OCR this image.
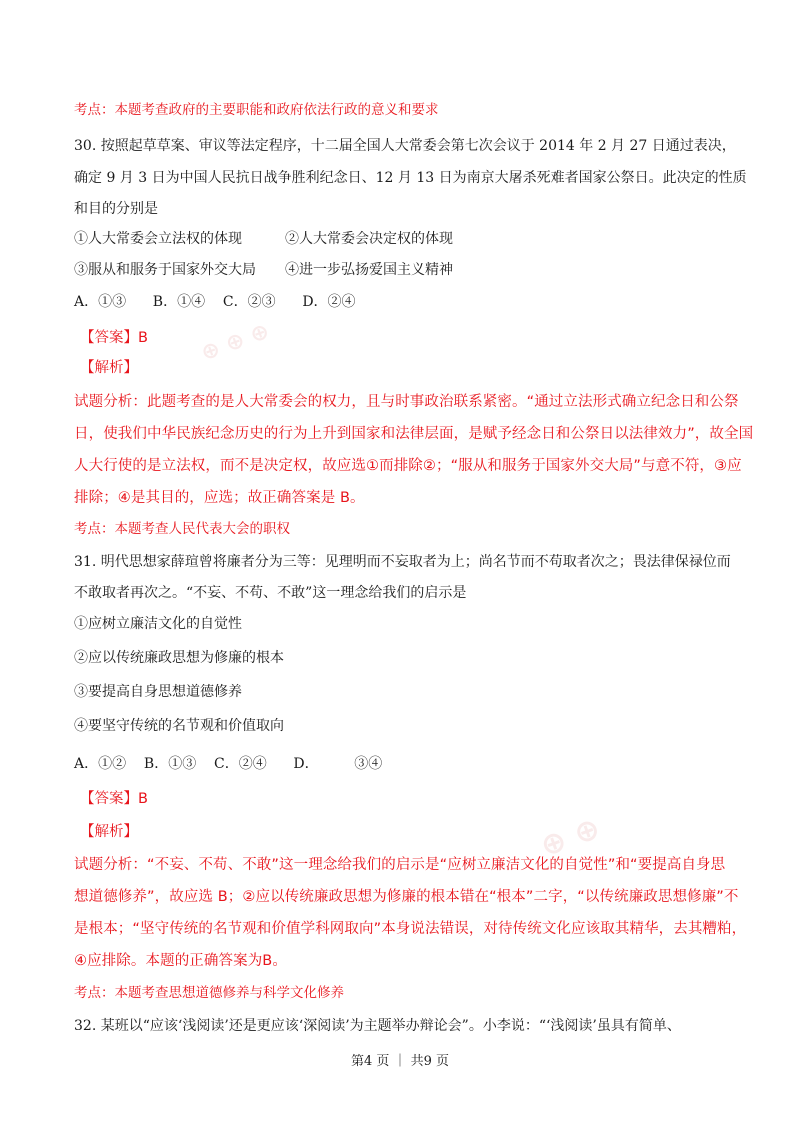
⊕ ⊕ ⊕
⊕ ⊕
考点：本题考查政府的主要职能和政府依法行政的意义和要求
30. 按照起草草案、审议等法定程序，十二届全国人大常委会第七次会议于 2014 年 2 月 27 日通过表决，
确定 9 月 3 日为中国人民抗日战争胜利纪念日、12 月 13 日为南京大屠杀死难者国家公祭日。此决定的性质
和目的分别是
①人大常委会立法权的体现	②人大常委会决定权的体现
③服从和服务于国家外交大局 ④进一步弘扬爱国主义精神
A．①③      B．①④    C．②③      D．②④
【答案】B
【解析】
试题分析：此题考查的是人大常委会的权力，且与时事政治联系紧密。“通过立法形式确立纪念日和公祭
日，使我们中华民族纪念历史的行为上升到国家和法律层面，是赋予经念日和公祭日以法律效力”，故全国
人大行使的是立法权，而不是决定权，故应选①而排除②；“服从和服务于国家外交大局”与意不符，③应
排除；④是其目的，应选；故正确答案是 B。
考点：本题考查人民代表大会的职权
31. 明代思想家薛瑄曾将廉者分为三等：见理明而不妄取者为上；尚名节而不苟取者次之；畏法律保禄位而
不敢取者再次之。“不妄、不苟、不敢”这一理念给我们的启示是
①应树立廉洁文化的自觉性
②应以传统廉政思想为修廉的根本
③要提高自身思想道德修养
④要坚守传统的名节观和价值取向
A．①②    B．①③    C．②④      D．        ③④
【答案】B
【解析】
试题分析：“不妄、不苟、不敢”这一理念给我们的启示是“应树立廉洁文化的自觉性”和“要提高自身思
想道德修养”，故应选 B；②应以传统廉政思想为修廉的根本错在“根本”二字，“以传统廉政思想修廉”不
是根本；“坚守传统的名节观和价值学科网取向”本身说法错误，对待传统文化应该取其精华，去其糟粕，
④应排除。本题的正确答案为B。
考点：本题考查思想道德修养与科学文化修养
32. 某班以“应该‘浅阅读’还是更应该‘深阅读’为主题举办辩论会”。小李说：“‘浅阅读’虽具有简单、
第4 页 ｜ 共9 页
